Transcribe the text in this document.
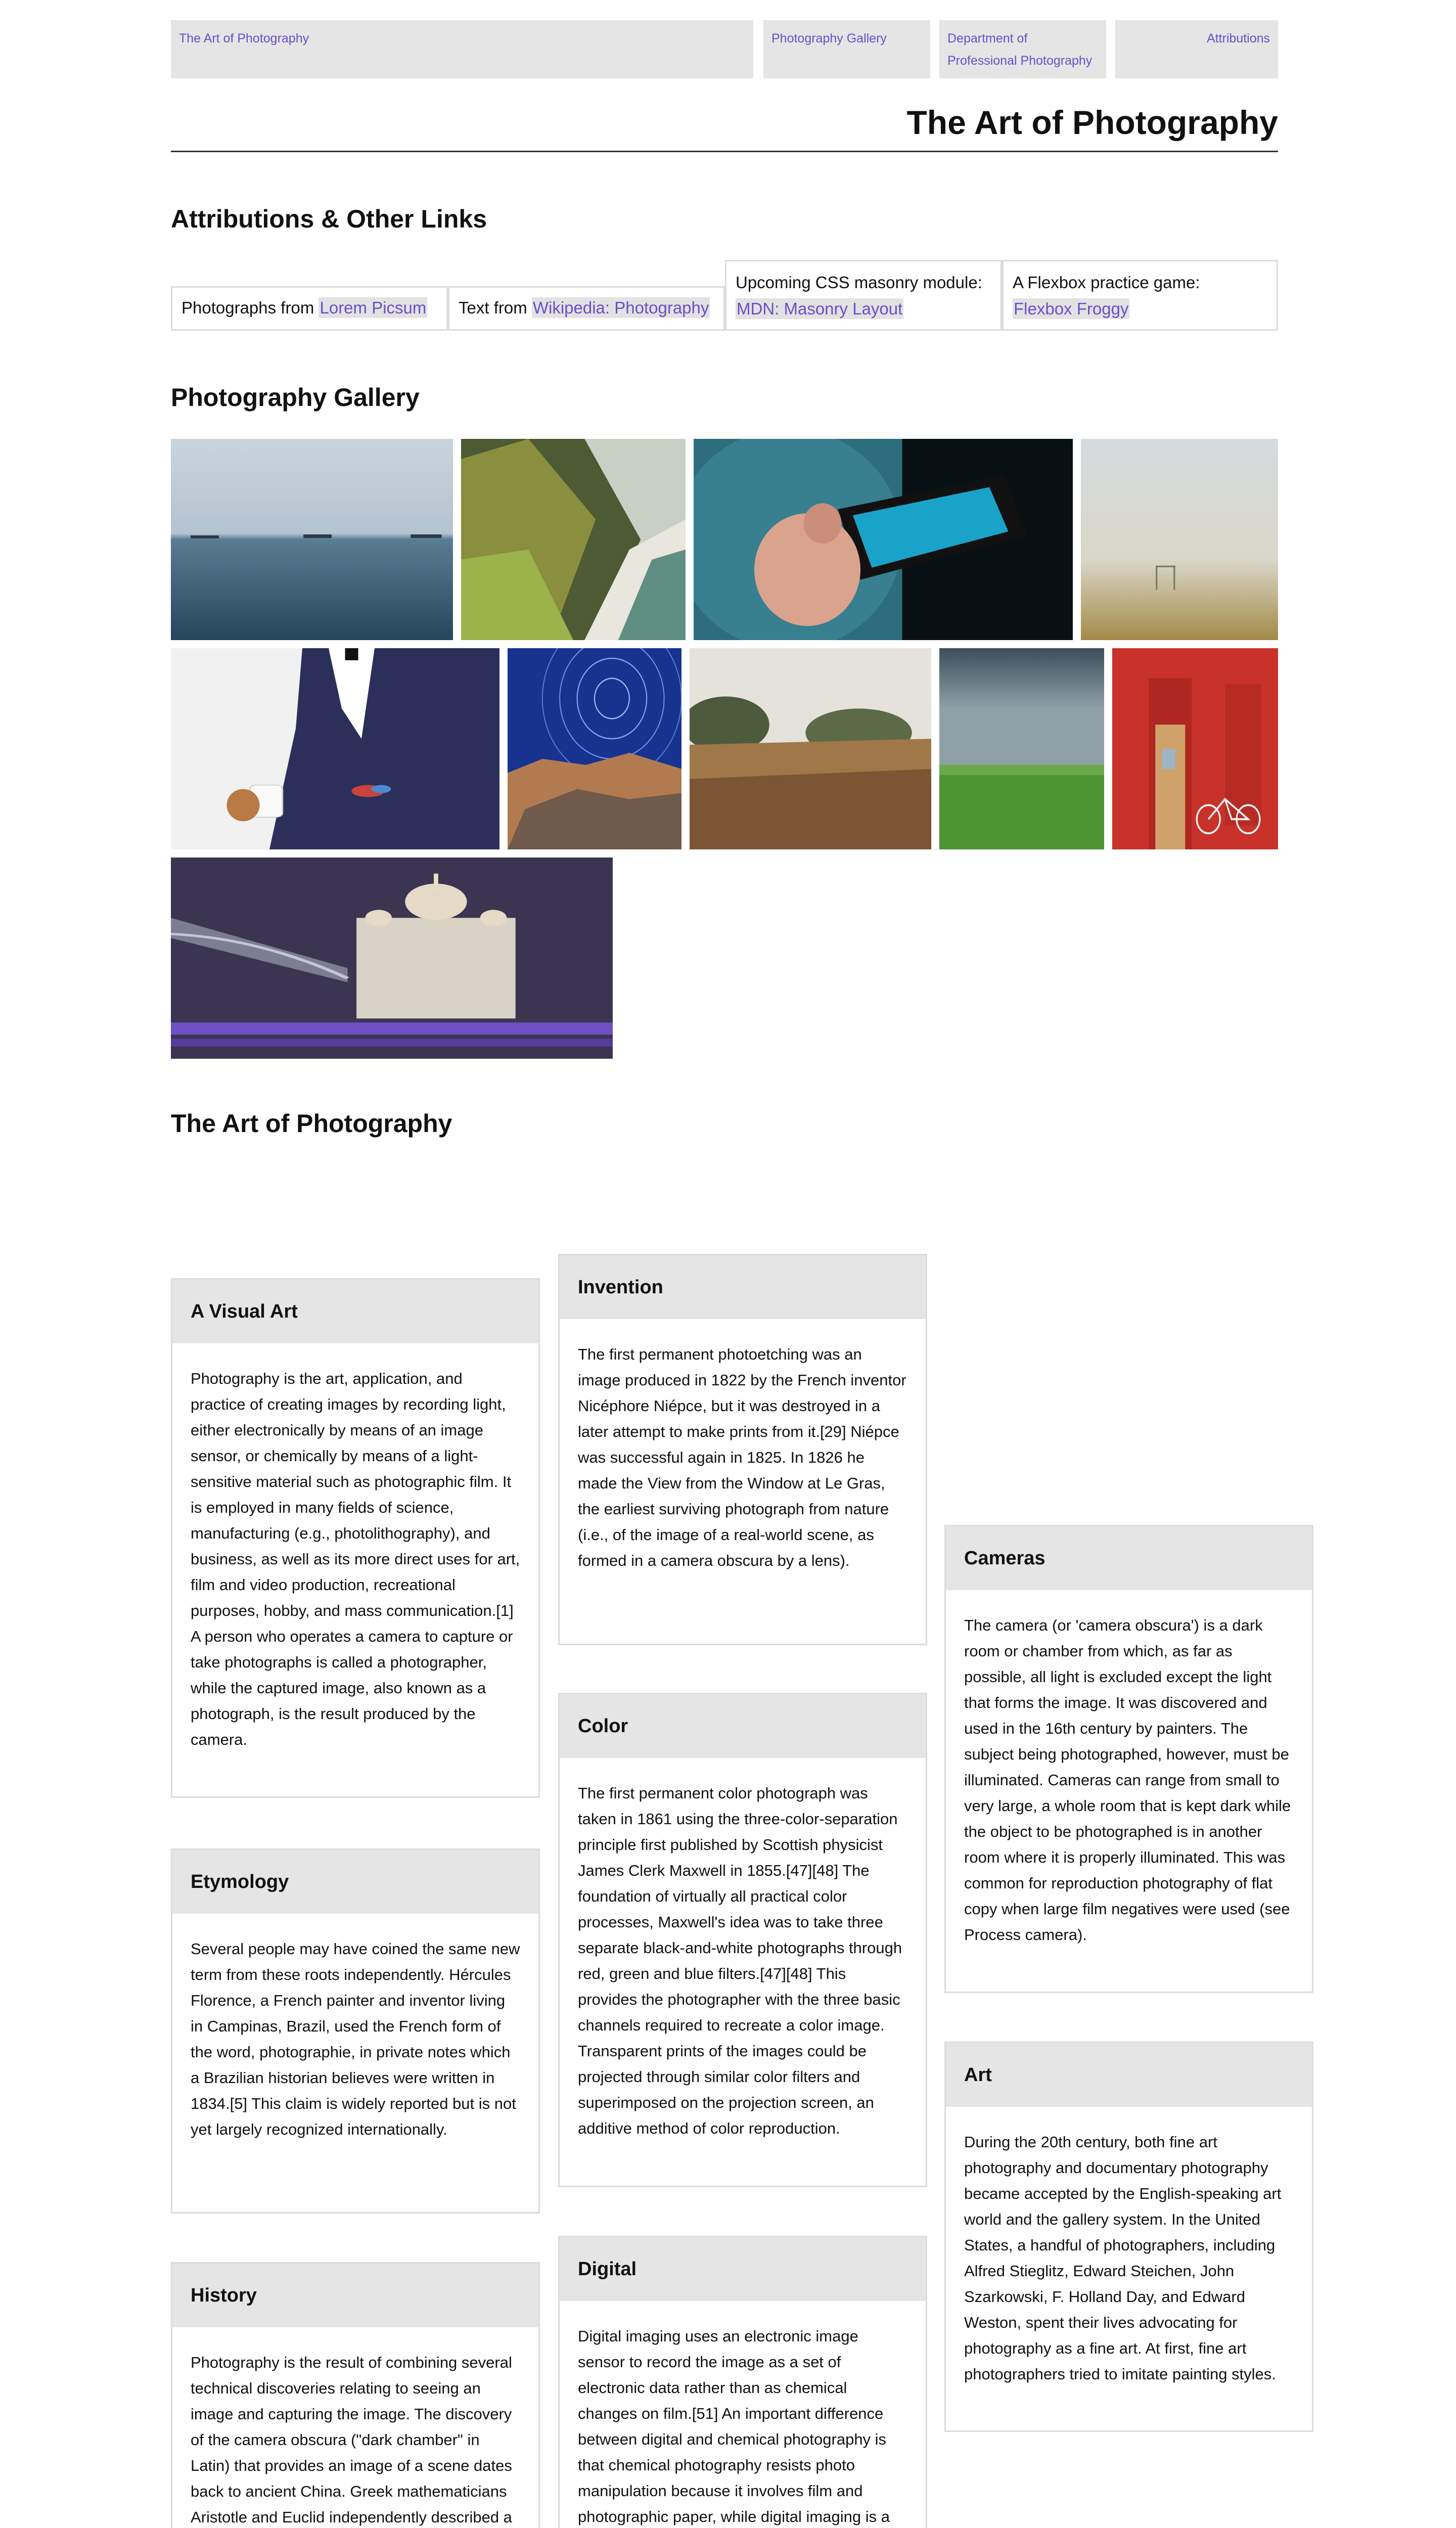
The Art of Photography	Photography Gallery	Department of Professional Photography
Attributions
The Art of Photography
Attributions & Other Links
Photographs from Lorem Picsum	Text from Wikipedia: Photography
Upcoming CSS masonry module:
MDN: Masonry Layout
A Flexbox practice game:
Flexbox Froggy
Photography Gallery
The Art of Photography
A Visual Art

Photography is the art, application, and practice of creating images by recording light, either electronically by means of an image sensor, or chemically by means of a light-sensitive material such as photographic film. It is employed in many fields of science, manufacturing (e.g., photolithography), and business, as well as its more direct uses for art, film and video production, recreational purposes, hobby, and mass communication.[1] A person who operates a camera to capture or take photographs is called a photographer, while the captured image, also known as a photograph, is the result produced by the camera.

Etymology

Several people may have coined the same new term from these roots independently. Hércules Florence, a French painter and inventor living in Campinas, Brazil, used the French form of the word, photographie, in private notes which a Brazilian historian believes were written in 1834.[5] This claim is widely reported but is not yet largely recognized internationally.

History

Photography is the result of combining several technical discoveries relating to seeing an image and capturing the image. The discovery of the camera obscura ("dark chamber" in Latin) that provides an image of a scene dates back to ancient China. Greek mathematicians Aristotle and Euclid independently described a

Invention

The first permanent photoetching was an image produced in 1822 by the French inventor Nicéphore Niépce, but it was destroyed in a later attempt to make prints from it.[29] Niépce was successful again in 1825. In 1826 he made the View from the Window at Le Gras, the earliest surviving photograph from nature (i.e., of the image of a real-world scene, as formed in a camera obscura by a lens).

Color

The first permanent color photograph was taken in 1861 using the three-color-separation principle first published by Scottish physicist James Clerk Maxwell in 1855.[47][48] The foundation of virtually all practical color processes, Maxwell's idea was to take three separate black-and-white photographs through red, green and blue filters.[47][48] This provides the photographer with the three basic channels required to recreate a color image. Transparent prints of the images could be projected through similar color filters and superimposed on the projection screen, an additive method of color reproduction.

Digital

Digital imaging uses an electronic image sensor to record the image as a set of electronic data rather than as chemical changes on film.[51] An important difference between digital and chemical photography is that chemical photography resists photo manipulation because it involves film and photographic paper, while digital imaging is a

Cameras

The camera (or 'camera obscura') is a dark room or chamber from which, as far as possible, all light is excluded except the light that forms the image. It was discovered and used in the 16th century by painters. The subject being photographed, however, must be illuminated. Cameras can range from small to very large, a whole room that is kept dark while the object to be photographed is in another room where it is properly illuminated. This was common for reproduction photography of flat copy when large film negatives were used (see Process camera).

Art

During the 20th century, both fine art photography and documentary photography became accepted by the English-speaking art world and the gallery system. In the United States, a handful of photographers, including Alfred Stieglitz, Edward Steichen, John Szarkowski, F. Holland Day, and Edward Weston, spent their lives advocating for photography as a fine art. At first, fine art photographers tried to imitate painting styles.
